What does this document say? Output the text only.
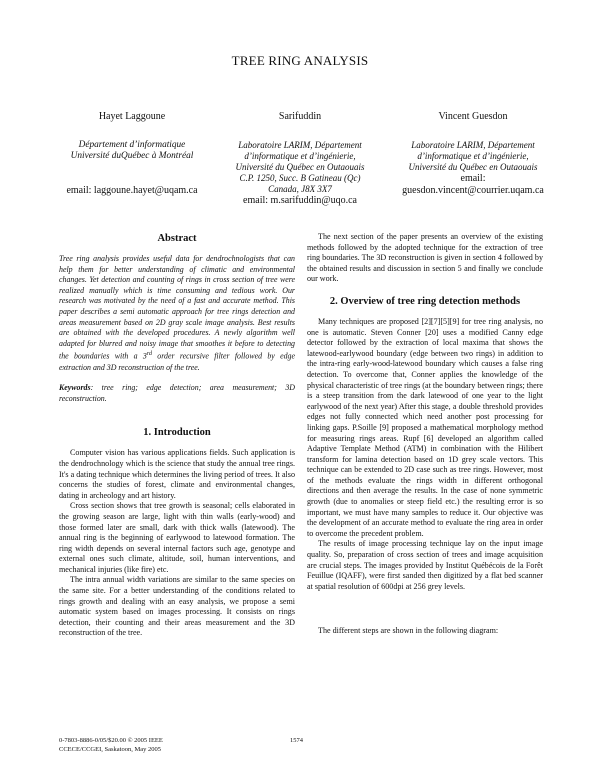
TREE RING ANALYSIS
Hayet Laggoune
Département d’informatique
Université duQuébec à Montréal
email: laggoune.hayet@uqam.ca
Sarifuddin
Laboratoire LARIM, Département
d’informatique et d’ingénierie,
Université du Québec en Outaouais
C.P. 1250, Succ. B Gatineau (Qc)
Canada, J8X 3X7
email: m.sarifuddin@uqo.ca
Vincent Guesdon
Laboratoire LARIM, Département
d’informatique et d’ingénierie,
Université du Québec en Outaouais
email:
guesdon.vincent@courrier.uqam.ca
Abstract

Tree ring analysis provides useful data for dendrochnologists that can help them for better understanding of climatic and environmental changes. Yet detection and counting of rings in cross section of tree were realized manually which is time consuming and tedious work. Our research was motivated by the need of a fast and accurate method. This paper describes a semi automatic approach for tree rings detection and areas measurement based on 2D gray scale image analysis. Best results are obtained with the developed procedures. A newly algorithm well adapted for blurred and noisy image that smoothes it before to detecting the boundaries with a 3rd order recursive filter followed by edge extraction and 3D reconstruction of the tree.

Keywords: tree ring; edge detection; area measurement; 3D reconstruction.

1. Introduction

Computer vision has various applications fields. Such application is the dendrochnology which is the science that study the annual tree rings. It's a dating technique which determines the living period of trees. It also concerns the studies of forest, climate and environmental changes, dating in archeology and art history.

Cross section shows that tree growth is seasonal; cells elaborated in the growing season are large, light with thin walls (early-wood) and those formed later are small, dark with thick walls (latewood). The annual ring is the beginning of earlywood to latewood formation. The ring width depends on several internal factors such age, genotype and external ones such climate, altitude, soil, human interventions, and mechanical injuries (like fire) etc.

The intra annual width variations are similar to the same species on the same site. For a better understanding of the conditions related to rings growth and dealing with an easy analysis, we propose a semi automatic system based on images processing. It consists on rings detection, their counting and their areas measurement and the 3D reconstruction of the tree.

The next section of the paper presents an overview of the existing methods followed by the adopted technique for the extraction of tree ring boundaries. The 3D reconstruction is given in section 4 followed by the obtained results and discussion in section 5 and finally we conclude our work.

2. Overview of tree ring detection methods

Many techniques are proposed [2][7][5][9] for tree ring analysis, no one is automatic. Steven Conner [20] uses a modified Canny edge detector followed by the extraction of local maxima that shows the latewood-earlywood boundary (edge between two rings) in addition to the intra-ring early-wood-latewood boundary which causes a false ring detection. To overcome that, Conner applies the knowledge of the physical characteristic of tree rings (at the boundary between rings; there is a steep transition from the dark latewood of one year to the light earlywood of the next year) After this stage, a double threshold provides edges not fully connected which need another post processing for linking gaps. P.Soille [9] proposed a mathematical morphology method for measuring rings areas. Rupf [6] developed an algorithm called Adaptive Template Method (ATM) in combination with the Hilibert transform for lamina detection based on 1D grey scale vectors. This technique can be extended to 2D case such as tree rings. However, most of the methods evaluate the rings width in different orthogonal directions and then average the results. In the case of none symmetric growth (due to anomalies or steep field etc.) the resulting error is so important, we must have many samples to reduce it. Our objective was the development of an accurate method to evaluate the ring area in order to overcome the precedent problem.

The results of image processing technique lay on the input image quality. So, preparation of cross section of trees and image acquisition are crucial steps. The images provided by Institut Québécois de la Forêt Feuillue (IQAFF), were first sanded then digitized by a flat bed scanner at spatial resolution of 600dpi at 256 grey levels.

The different steps are shown in the following diagram:

0-7803-8886-0/05/$20.00 © 2005 IEEE
CCECE/CCGEI, Saskatoon, May 2005
1574
